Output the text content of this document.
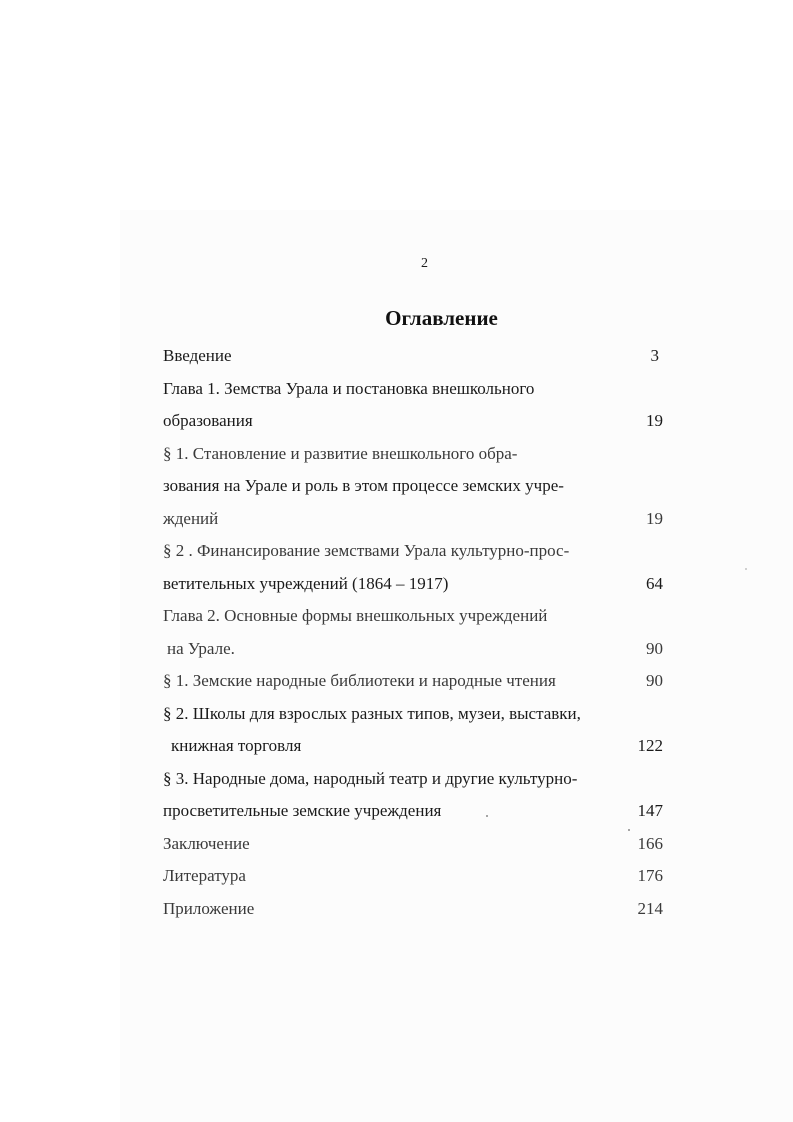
2
Оглавление
Введение	3
Глава 1. Земства Урала и постановка внешкольного
образования	19
§ 1. Становление и развитие внешкольного обра-
зования на Урале и роль в этом процессе земских учре-
ждений	19
§ 2 . Финансирование земствами Урала культурно-прос-
ветительных учреждений (1864 – 1917)	64
Глава 2. Основные формы внешкольных учреждений
на Урале.	90
§ 1. Земские народные библиотеки и народные чтения	90
§ 2. Школы для взрослых разных типов, музеи, выставки,
книжная торговля	122
§ 3. Народные дома, народный театр и другие культурно-
просветительные земские учреждения	147
Заключение	166
Литература	176
Приложение	214
